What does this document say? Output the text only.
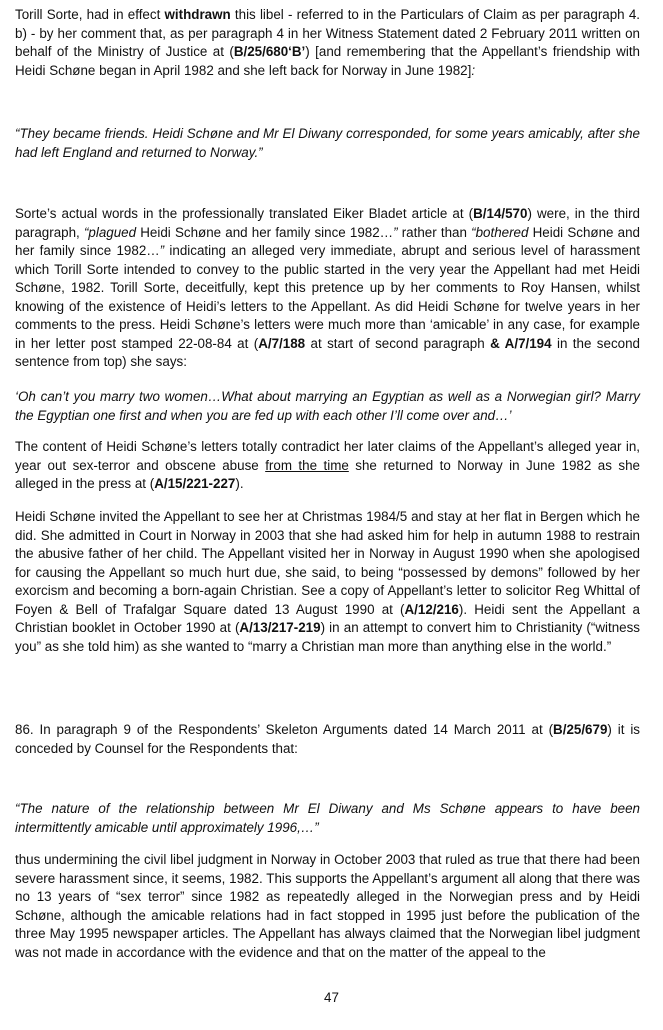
Torill Sorte, had in effect withdrawn this libel - referred to in the Particulars of Claim as per paragraph 4. b) - by her comment that, as per paragraph 4 in her Witness Statement dated 2 February 2011 written on behalf of the Ministry of Justice at (B/25/680‘B’) [and remembering that the Appellant’s friendship with Heidi Schøne began in April 1982 and she left back for Norway in June 1982]:

“They became friends. Heidi Schøne and Mr El Diwany corresponded, for some years amicably, after she had left England and returned to Norway.”

Sorte’s actual words in the professionally translated Eiker Bladet article at (B/14/570) were, in the third paragraph, “plagued Heidi Schøne and her family since 1982…” rather than “bothered Heidi Schøne and her family since 1982…” indicating an alleged very immediate, abrupt and serious level of harassment which Torill Sorte intended to convey to the public started in the very year the Appellant had met Heidi Schøne, 1982. Torill Sorte, deceitfully, kept this pretence up by her comments to Roy Hansen, whilst knowing of the existence of Heidi’s letters to the Appellant. As did Heidi Schøne for twelve years in her comments to the press. Heidi Schøne’s letters were much more than ‘amicable’ in any case, for example in her letter post stamped 22-08-84 at (A/7/188 at start of second paragraph & A/7/194 in the second sentence from top) she says:

‘Oh can’t you marry two women…What about marrying an Egyptian as well as a Norwegian girl? Marry the Egyptian one first and when you are fed up with each other I’ll come over and…’

The content of Heidi Schøne’s letters totally contradict her later claims of the Appellant’s alleged year in, year out sex-terror and obscene abuse from the time she returned to Norway in June 1982 as she alleged in the press at (A/15/221-227).

Heidi Schøne invited the Appellant to see her at Christmas 1984/5 and stay at her flat in Bergen which he did. She admitted in Court in Norway in 2003 that she had asked him for help in autumn 1988 to restrain the abusive father of her child. The Appellant visited her in Norway in August 1990 when she apologised for causing the Appellant so much hurt due, she said, to being “possessed by demons” followed by her exorcism and becoming a born-again Christian. See a copy of Appellant’s letter to solicitor Reg Whittal of Foyen & Bell of Trafalgar Square dated 13 August 1990 at (A/12/216). Heidi sent the Appellant a Christian booklet in October 1990 at (A/13/217-219) in an attempt to convert him to Christianity (“witness you” as she told him) as she wanted to “marry a Christian man more than anything else in the world.”

86. In paragraph 9 of the Respondents’ Skeleton Arguments dated 14 March 2011 at (B/25/679) it is conceded by Counsel for the Respondents that:

“The nature of the relationship between Mr El Diwany and Ms Schøne appears to have been intermittently amicable until approximately 1996,…”

thus undermining the civil libel judgment in Norway in October 2003 that ruled as true that there had been severe harassment since, it seems, 1982. This supports the Appellant’s argument all along that there was no 13 years of “sex terror” since 1982 as repeatedly alleged in the Norwegian press and by Heidi Schøne, although the amicable relations had in fact stopped in 1995 just before the publication of the three May 1995 newspaper articles. The Appellant has always claimed that the Norwegian libel judgment was not made in accordance with the evidence and that on the matter of the appeal to the

47
